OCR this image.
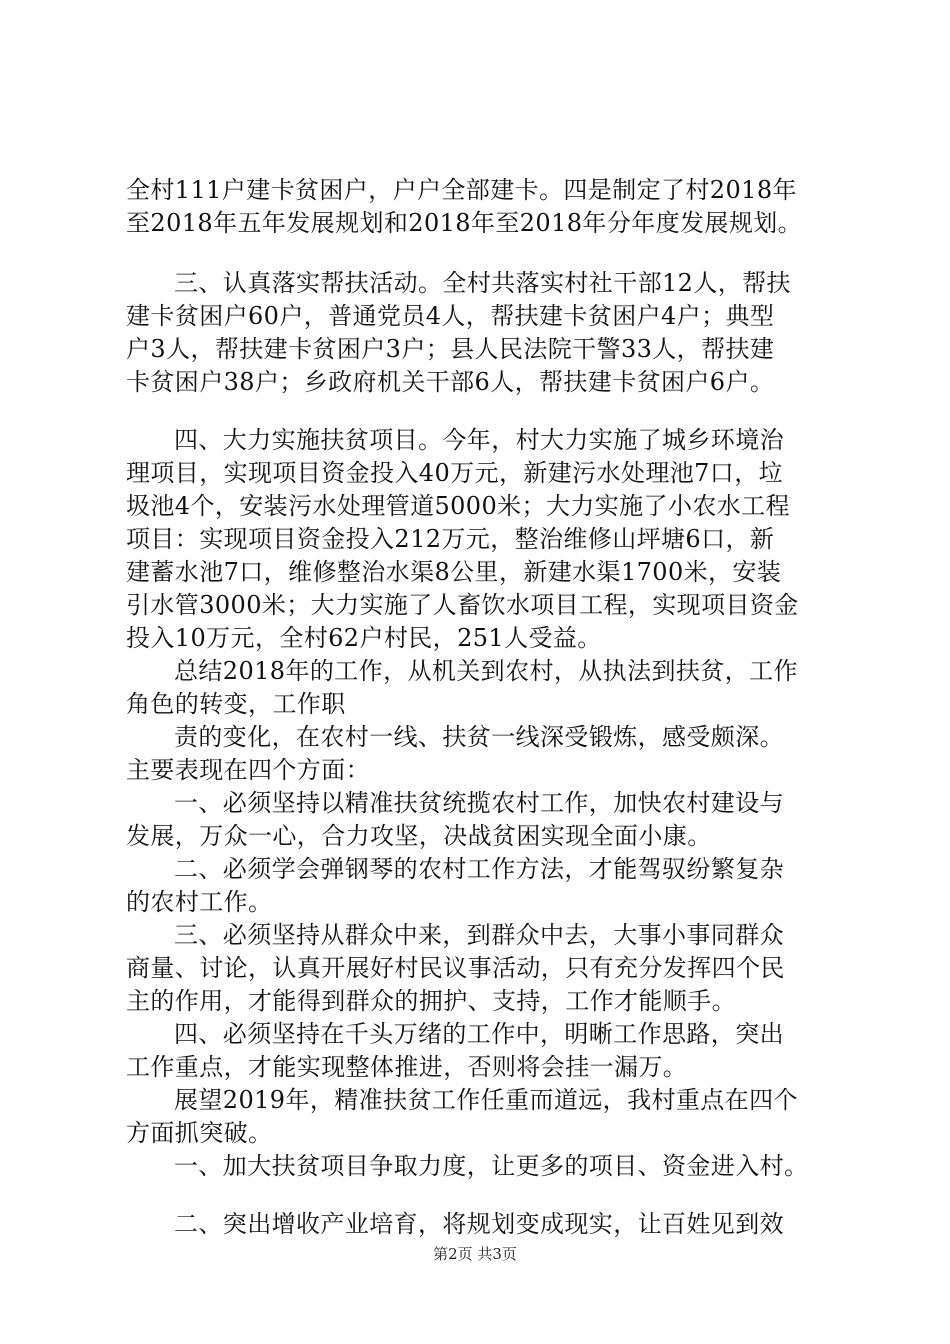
全村111户建卡贫困户，户户全部建卡。四是制定了村2018年
至2018年五年发展规划和2018年至2018年分年度发展规划。
三、认真落实帮扶活动。全村共落实村社干部12人，帮扶
建卡贫困户60户，普通党员4人，帮扶建卡贫困户4户；典型
户3人，帮扶建卡贫困户3户；县人民法院干警33人，帮扶建
卡贫困户38户；乡政府机关干部6人，帮扶建卡贫困户6户。
四、大力实施扶贫项目。今年，村大力实施了城乡环境治
理项目，实现项目资金投入40万元，新建污水处理池7口，垃
圾池4个，安装污水处理管道5000米；大力实施了小农水工程
项目：实现项目资金投入212万元，整治维修山坪塘6口，新
建蓄水池7口，维修整治水渠8公里，新建水渠1700米，安装
引水管3000米；大力实施了人畜饮水项目工程，实现项目资金
投入10万元，全村62户村民，251人受益。
总结2018年的工作，从机关到农村，从执法到扶贫，工作
角色的转变，工作职
责的变化，在农村一线、扶贫一线深受锻炼，感受颇深。
主要表现在四个方面：
一、必须坚持以精准扶贫统揽农村工作，加快农村建设与
发展，万众一心，合力攻坚，决战贫困实现全面小康。
二、必须学会弹钢琴的农村工作方法，才能驾驭纷繁复杂
的农村工作。
三、必须坚持从群众中来，到群众中去，大事小事同群众
商量、讨论，认真开展好村民议事活动，只有充分发挥四个民
主的作用，才能得到群众的拥护、支持，工作才能顺手。
四、必须坚持在千头万绪的工作中，明晰工作思路，突出
工作重点，才能实现整体推进，否则将会挂一漏万。
展望2019年，精准扶贫工作任重而道远，我村重点在四个
方面抓突破。
一、加大扶贫项目争取力度，让更多的项目、资金进入村。
二、突出增收产业培育，将规划变成现实，让百姓见到效
第2页 共3页
